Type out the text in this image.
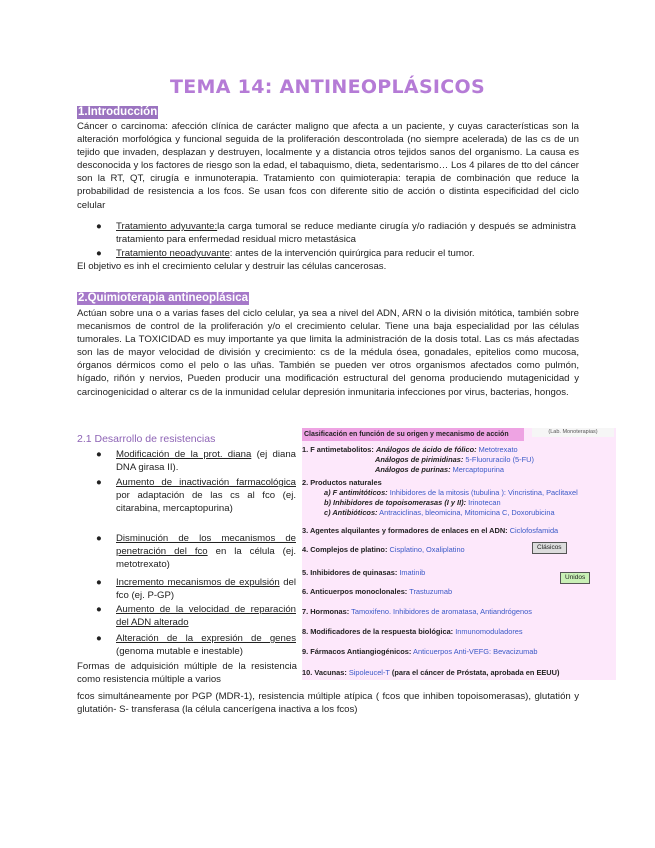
TEMA 14: ANTINEOPLÁSICOS
1.Introducción
Cáncer o carcinoma: afección clínica de carácter maligno que afecta a un paciente, y cuyas características son la alteración morfológica y funcional seguida de la proliferación descontrolada (no siempre acelerada) de las cs de un tejido que invaden, desplazan y destruyen, localmente y a distancia otros tejidos sanos del organismo. La causa es desconocida y los factores de riesgo son la edad, el tabaquismo, dieta, sedentarismo… Los 4 pilares de tto del cáncer son la RT, QT, cirugía e inmunoterapia. Tratamiento con quimioterapia: terapia de combinación que reduce la probabilidad de resistencia a los fcos. Se usan fcos con diferente sitio de acción o distinta especificidad del ciclo celular
● Tratamiento adyuvante:la carga tumoral se reduce mediante cirugía y/o radiación y después se administra tratamiento para enfermedad residual micro metastásica
● Tratamiento neoadyuvante: antes de la intervención quirúrgica para reducir el tumor.
El objetivo es inh el crecimiento celular y destruir las células cancerosas.
2.Quimioterapia antineoplásica
Actúan sobre una o a varias fases del ciclo celular, ya sea a nivel del ADN, ARN o la división mitótica, también sobre mecanismos de control de la proliferación y/o el crecimiento celular. Tiene una baja especialidad por las células tumorales. La TOXICIDAD es muy importante ya que limita la administración de la dosis total. Las cs más afectadas son las de mayor velocidad de división y crecimiento: cs de la médula ósea, gonadales, epitelios como mucosa, órganos dérmicos como el pelo o las uñas. También se pueden ver otros organismos afectados como pulmón, hígado, riñón y nervios, Pueden producir una modificación estructural del genoma produciendo mutagenicidad y carcinogenicidad o alterar cs de la inmunidad celular depresión inmunitaria infecciones por virus, bacterias, hongos.
2.1 Desarrollo de resistencias
● Modificación de la prot. diana (ej diana DNA girasa II).
● Aumento de inactivación farmacológica por adaptación de las cs al fco (ej. citarabina, mercaptopurina)
● Disminución de los mecanismos de penetración del fco en la célula (ej. metotrexato)
● Incremento mecanismos de expulsión del fco (ej. P-GP)
● Aumento de la velocidad de reparación del ADN alterado
● Alteración de la expresión de genes (genoma mutable e inestable)
Formas de adquisición múltiple de la resistencia como resistencia múltiple a varios
fcos simultáneamente por PGP (MDR-1), resistencia múltiple atípica ( fcos que inhiben topoisomerasas), glutatión y glutatión- S- transferasa (la célula cancerígena inactiva a los fcos)
Clasificación en función de su origen y mecanismo de acción	(Lab. Monoterapias)
1. F antimetabolitos: Análogos de ácido de fólico: Metotrexato
Análogos de pirimidinas: 5-Fluoruracilo (5-FU)
Análogos de purinas: Mercaptopurina
2. Productos naturales
a) F antimitóticos: Inhibidores de la mitosis (tubulina ): Vincristina, Paclitaxel
b) Inhibidores de topoisomerasas (I y II): Irinotecan
c) Antibióticos: Antraciclinas, bleomicina, Mitomicina C, Doxorubicina
3. Agentes alquilantes y formadores de enlaces en el ADN: Ciclofosfamida
4. Complejos de platino: Cisplatino, Oxaliplatino	Clásicos
5. Inhibidores de quinasas: Imatinib
Unidos
6. Anticuerpos monoclonales: Trastuzumab
7. Hormonas: Tamoxifeno. Inhibidores de aromatasa, Antiandrógenos
8. Modificadores de la respuesta biológica: Inmunomoduladores
9. Fármacos Antiangiogénicos: Anticuerpos Anti-VEFG: Bevacizumab
10. Vacunas: Sipoleucel-T (para el cáncer de Próstata, aprobada en EEUU)
